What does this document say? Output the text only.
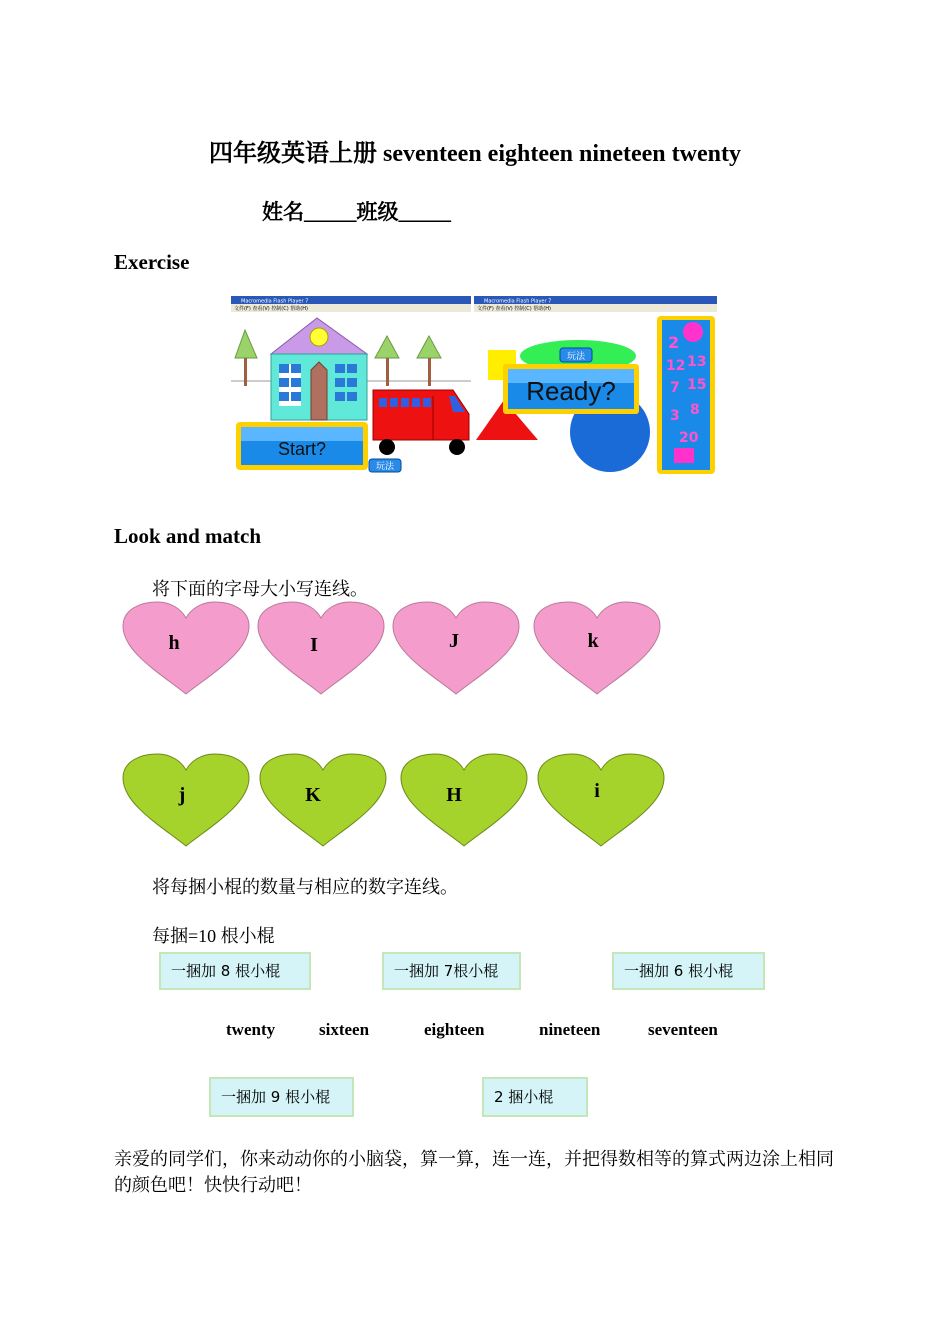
四年级英语上册 seventeen eighteen nineteen twenty
姓名_____班级_____
Exercise
Macromedia Flash Player 7
文件(F) 查看(V) 控制(C) 帮助(H)
Start?
玩法
Macromedia Flash Player 7
文件(F) 查看(V) 控制(C) 帮助(H)
玩法
Ready?
2
12 13
7 15
3 8
20
Look and match
将下面的字母大小写连线。
h	I	J	k
j	K	H	i
将每捆小棍的数量与相应的数字连线。
每捆=10 根小棍
一捆加 8 根小棍	一捆加 7根小棍	一捆加 6 根小棍
twenty	sixteen	eighteen	nineteen	seventeen
一捆加 9 根小棍	2 捆小棍
亲爱的同学们，你来动动你的小脑袋，算一算，连一连，并把得数相等的算式两边涂上相同的颜色吧！快快行动吧！
